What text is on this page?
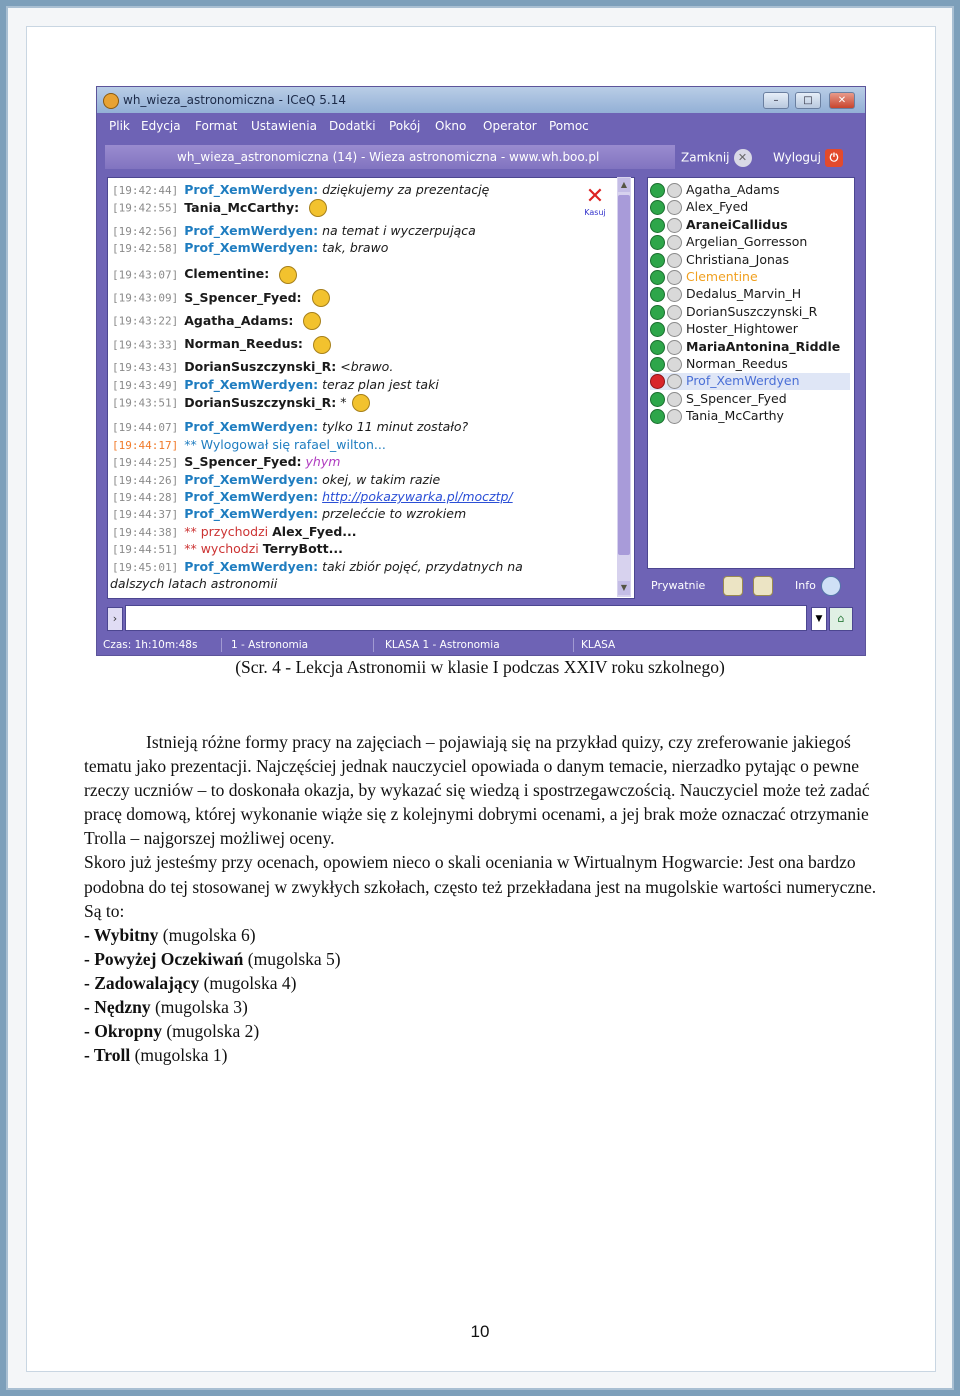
wh_wieza_astronomiczna - ICeQ 5.14	–	□	✕
Plik Edycja Format Ustawienia Dodatki Pokój Okno Operator Pomoc
wh_wieza_astronomiczna (14) - Wieza astronomiczna - www.wh.boo.pl	Zamknij ✕	Wyloguj ⏻
✕
Kasuj
[19:42:44] Prof_XemWerdyen: dziękujemy za prezentację
[19:42:55] Tania_McCarthy:
[19:42:56] Prof_XemWerdyen: na temat i wyczerpująca
[19:42:58] Prof_XemWerdyen: tak, brawo
[19:43:07] Clementine:
[19:43:09] S_Spencer_Fyed:
[19:43:22] Agatha_Adams:
[19:43:33] Norman_Reedus:
[19:43:43] DorianSuszczynski_R: <brawo.
[19:43:49] Prof_XemWerdyen: teraz plan jest taki
[19:43:51] DorianSuszczynski_R: *
[19:44:07] Prof_XemWerdyen: tylko 11 minut zostało?
[19:44:17] ** Wylogował się rafael_wilton...
[19:44:25] S_Spencer_Fyed: yhym
[19:44:26] Prof_XemWerdyen: okej, w takim razie
[19:44:28] Prof_XemWerdyen: http://pokazywarka.pl/mocztp/
[19:44:37] Prof_XemWerdyen: przelećcie to wzrokiem
[19:44:38] ** przychodzi Alex_Fyed...
[19:44:51] ** wychodzi TerryBott...
[19:45:01] Prof_XemWerdyen: taki zbiór pojęć, przydatnych na
dalszych latach astronomii
▲
▼
Agatha_Adams
Alex_Fyed
AraneiCallidus
Argelian_Gorresson
Christiana_Jonas
Clementine
Dedalus_Marvin_H
DorianSuszczynski_R
Hoster_Hightower
MariaAntonina_Riddle
Norman_Reedus
Prof_XemWerdyen
S_Spencer_Fyed
Tania_McCarthy
Prywatnie	Info
›	▼	⌂
Czas: 1h:10m:48s	1 - Astronomia	KLASA 1 - Astronomia	KLASA
(Scr. 4 - Lekcja Astronomii w klasie I podczas XXIV roku szkolnego)

Istnieją różne formy pracy na zajęciach – pojawiają się na przykład quizy, czy zreferowanie jakiegoś tematu jako prezentacji. Najczęściej jednak nauczyciel opowiada o danym temacie, nierzadko pytając o pewne rzeczy uczniów – to doskonała okazja, by wykazać się wiedzą i spostrzegawczością. Nauczyciel może też zadać pracę domową, której wykonanie wiąże się z kolejnymi dobrymi ocenami, a jej brak może oznaczać otrzymanie Trolla – najgorszej możliwej oceny.

Skoro już jesteśmy przy ocenach, opowiem nieco o skali oceniania w Wirtualnym Hogwarcie: Jest ona bardzo podobna do tej stosowanej w zwykłych szkołach, często też przekładana jest na mugolskie wartości numeryczne. Są to:

- Wybitny (mugolska 6)
- Powyżej Oczekiwań (mugolska 5)
- Zadowalający (mugolska 4)
- Nędzny (mugolska 3)
- Okropny (mugolska 2)
- Troll (mugolska 1)
10
